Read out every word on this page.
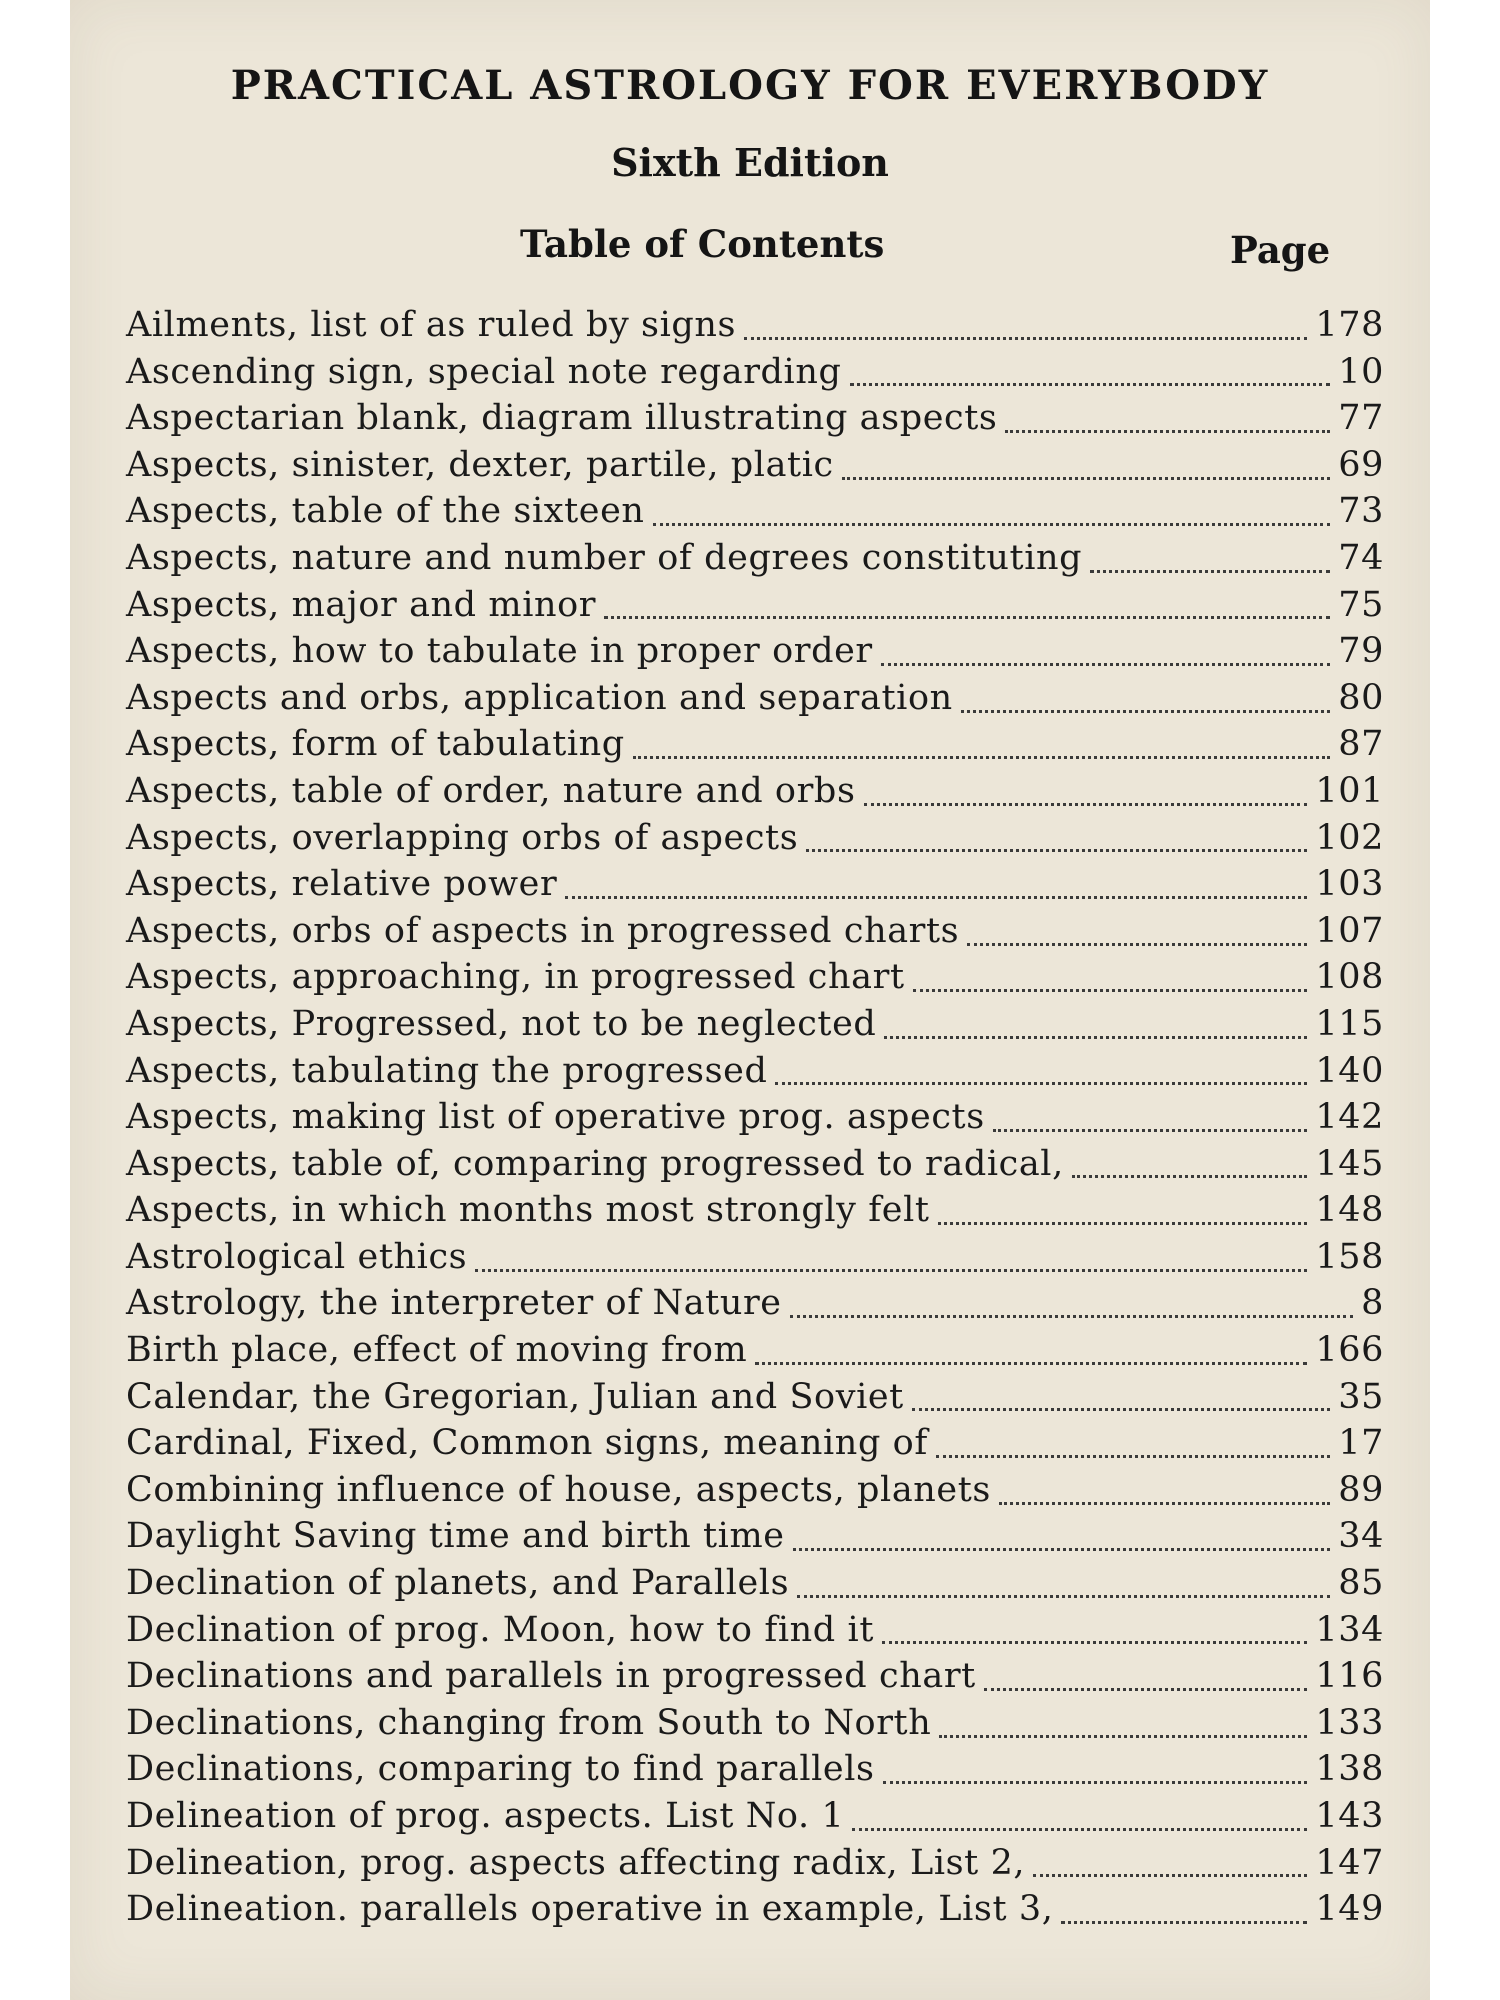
PRACTICAL ASTROLOGY FOR EVERYBODY
Sixth Edition
Table of Contents	Page
Ailments, list of as ruled by signs	178
Ascending sign, special note regarding	10
Aspectarian blank, diagram illustrating aspects	77
Aspects, sinister, dexter, partile, platic	69
Aspects, table of the sixteen	73
Aspects, nature and number of degrees constituting	74
Aspects, major and minor	75
Aspects, how to tabulate in proper order	79
Aspects and orbs, application and separation	80
Aspects, form of tabulating	87
Aspects, table of order, nature and orbs	101
Aspects, overlapping orbs of aspects	102
Aspects, relative power	103
Aspects, orbs of aspects in progressed charts	107
Aspects, approaching, in progressed chart	108
Aspects, Progressed, not to be neglected	115
Aspects, tabulating the progressed	140
Aspects, making list of operative prog. aspects	142
Aspects, table of, comparing progressed to radical,	145
Aspects, in which months most strongly felt	148
Astrological ethics	158
Astrology, the interpreter of Nature	8
Birth place, effect of moving from	166
Calendar, the Gregorian, Julian and Soviet	35
Cardinal, Fixed, Common signs, meaning of	17
Combining influence of house, aspects, planets	89
Daylight Saving time and birth time	34
Declination of planets, and Parallels	85
Declination of prog. Moon, how to find it	134
Declinations and parallels in progressed chart	116
Declinations, changing from South to North	133
Declinations, comparing to find parallels	138
Delineation of prog. aspects. List No. 1	143
Delineation, prog. aspects affecting radix, List 2,	147
Delineation. parallels operative in example, List 3,	149
